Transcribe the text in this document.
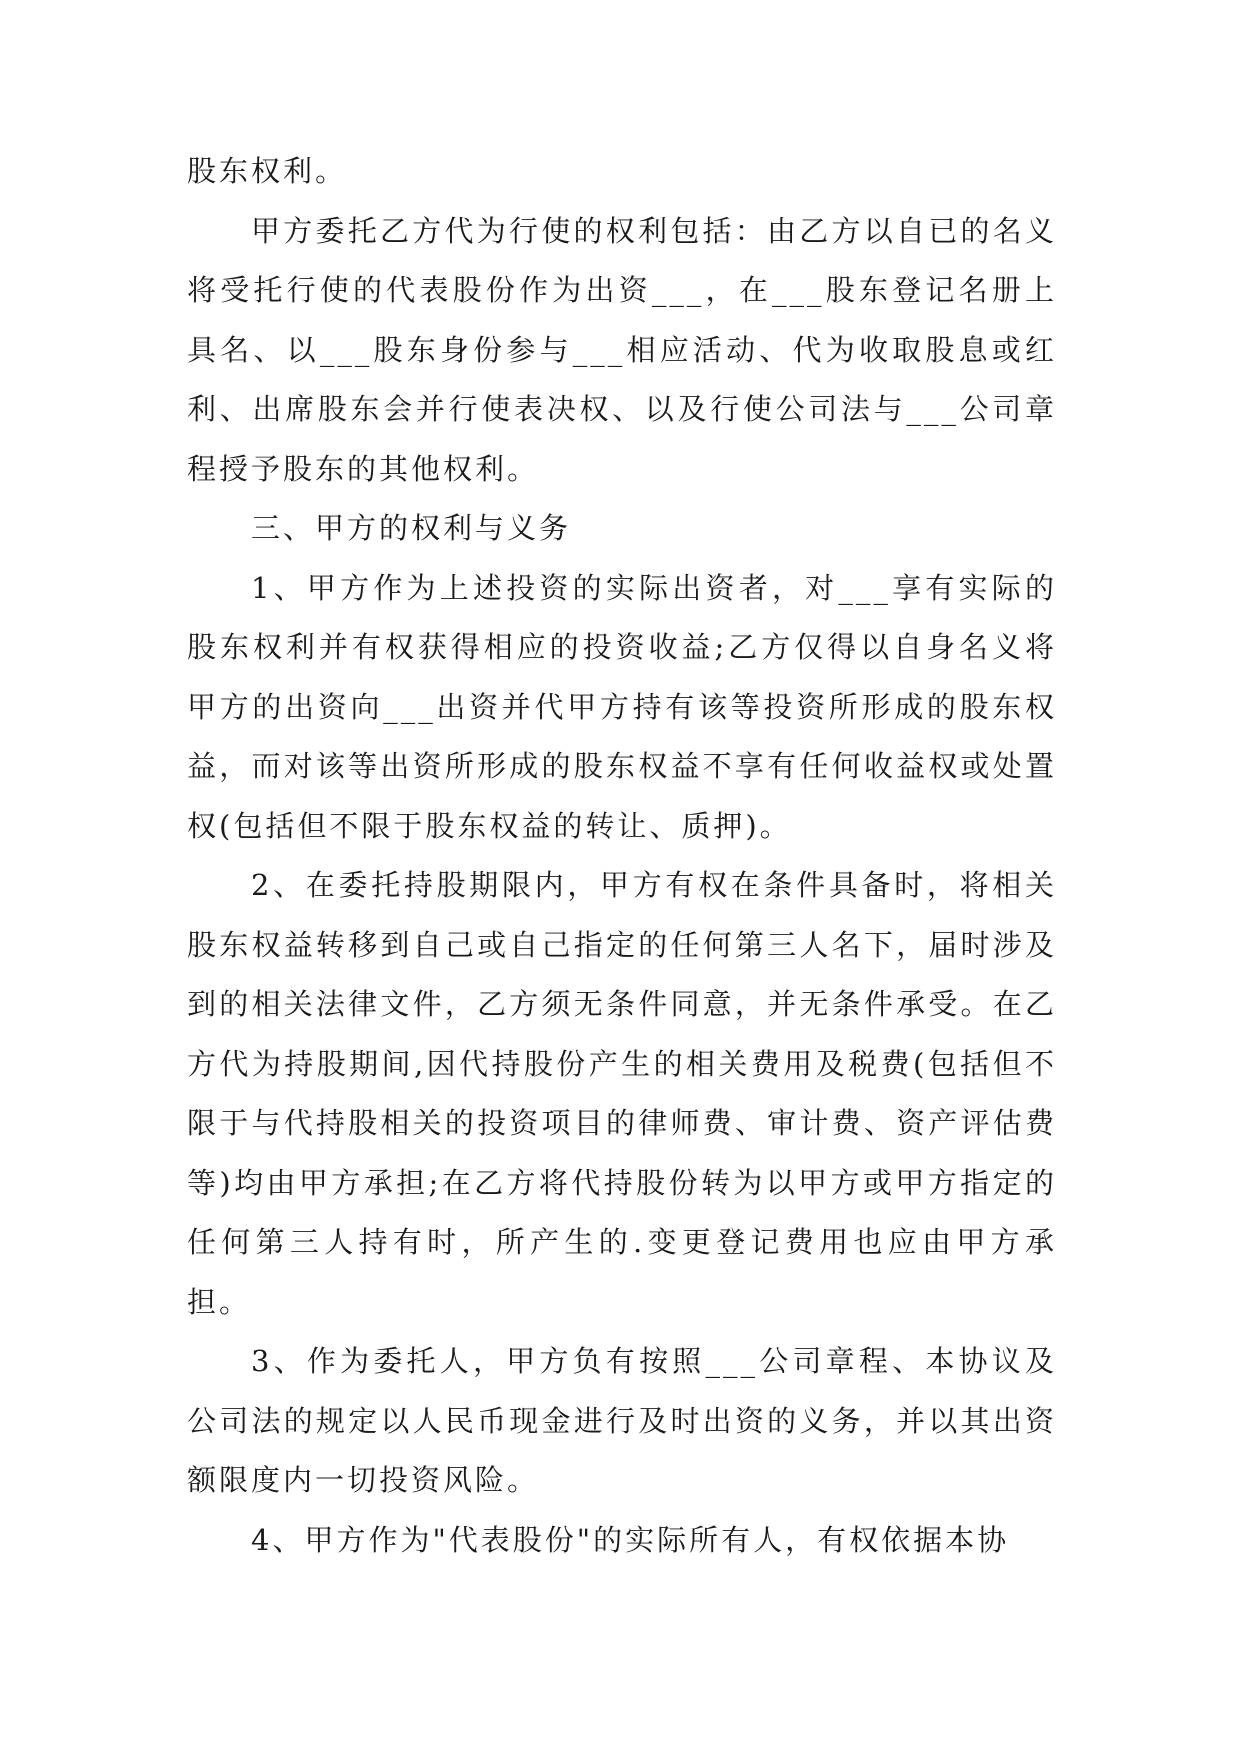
股东权利。

甲方委托乙方代为行使的权利包括：由乙方以自已的名义将受托行使的代表股份作为出资___，在___股东登记名册上具名、以___股东身份参与___相应活动、代为收取股息或红利、出席股东会并行使表决权、以及行使公司法与___公司章程授予股东的其他权利。

三、甲方的权利与义务

1、甲方作为上述投资的实际出资者，对___享有实际的股东权利并有权获得相应的投资收益;乙方仅得以自身名义将甲方的出资向___出资并代甲方持有该等投资所形成的股东权益，而对该等出资所形成的股东权益不享有任何收益权或处置权(包括但不限于股东权益的转让、质押)。

2、在委托持股期限内，甲方有权在条件具备时，将相关股东权益转移到自己或自己指定的任何第三人名下，届时涉及到的相关法律文件，乙方须无条件同意，并无条件承受。在乙方代为持股期间,因代持股份产生的相关费用及税费(包括但不限于与代持股相关的投资项目的律师费、审计费、资产评估费等)均由甲方承担;在乙方将代持股份转为以甲方或甲方指定的任何第三人持有时，所产生的.变更登记费用也应由甲方承担。

3、作为委托人，甲方负有按照___公司章程、本协议及公司法的规定以人民币现金进行及时出资的义务，并以其出资额限度内一切投资风险。

4、甲方作为"代表股份"的实际所有人，有权依据本协
